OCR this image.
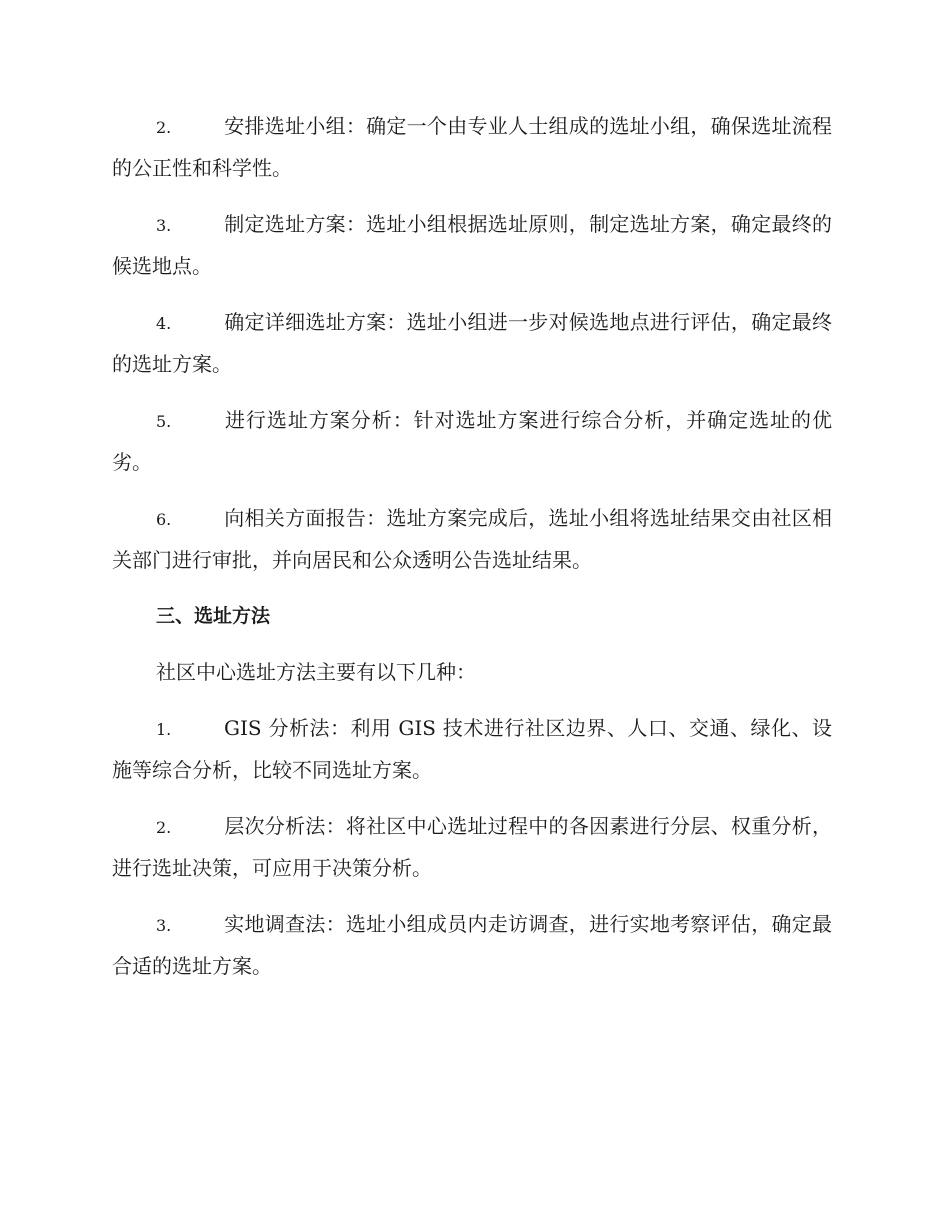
2.	安排选址小组：确定一个由专业人士组成的选址小组，确保选址流程的公正性和科学性。

3.	制定选址方案：选址小组根据选址原则，制定选址方案，确定最终的候选地点。

4.	确定详细选址方案：选址小组进一步对候选地点进行评估，确定最终的选址方案。

5.	进行选址方案分析：针对选址方案进行综合分析，并确定选址的优劣。

6.	向相关方面报告：选址方案完成后，选址小组将选址结果交由社区相关部门进行审批，并向居民和公众透明公告选址结果。

三、选址方法

社区中心选址方法主要有以下几种：

1.	GIS 分析法：利用 GIS 技术进行社区边界、人口、交通、绿化、设施等综合分析，比较不同选址方案。

2.	层次分析法：将社区中心选址过程中的各因素进行分层、权重分析，进行选址决策，可应用于决策分析。

3.	实地调查法：选址小组成员内走访调查，进行实地考察评估，确定最合适的选址方案。
